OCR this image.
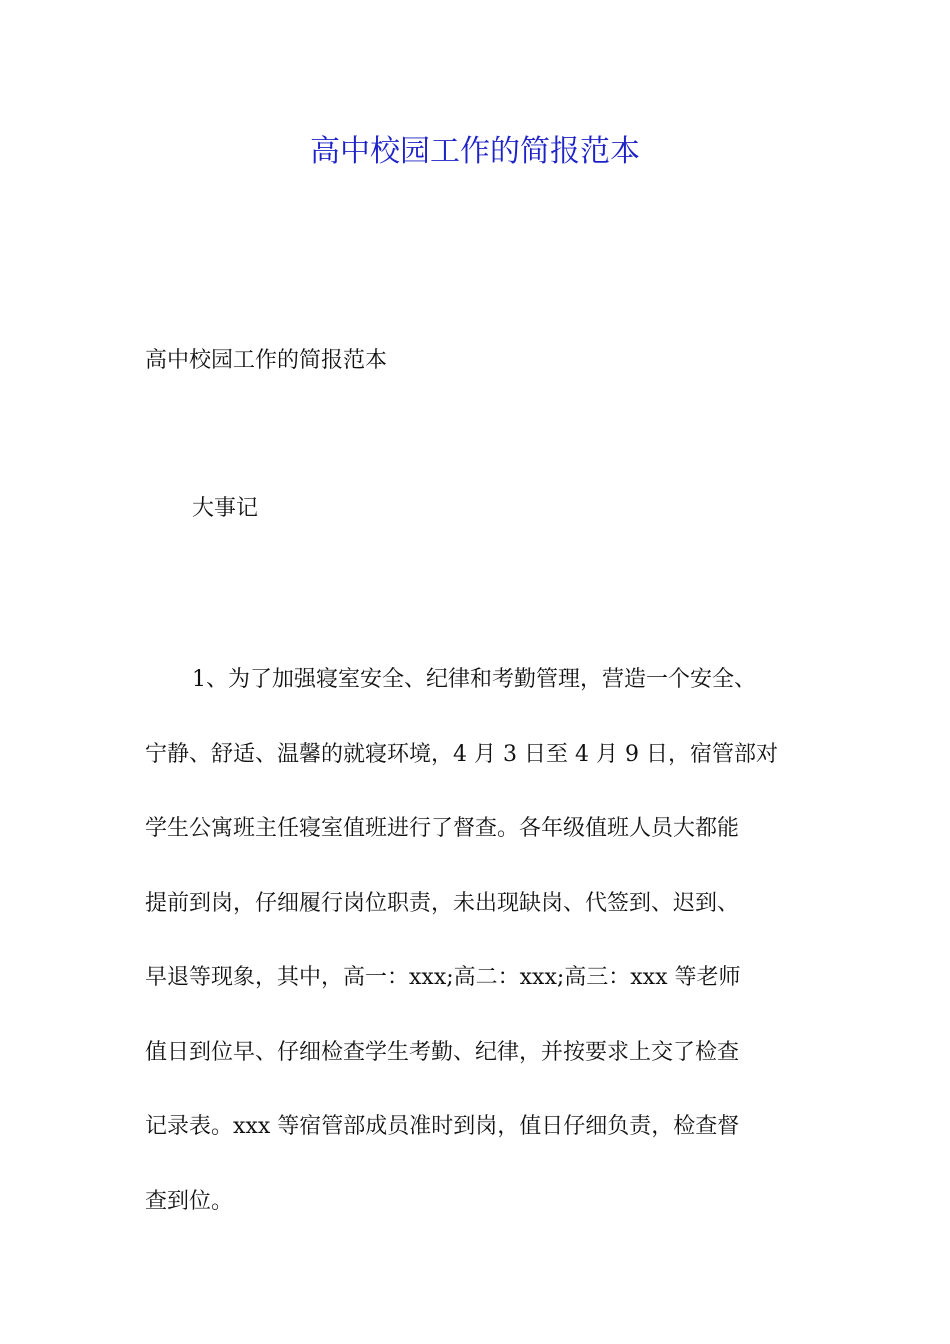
高中校园工作的简报范本

高中校园工作的简报范本

大事记

1、为了加强寝室安全、纪律和考勤管理，营造一个安全、
宁静、舒适、温馨的就寝环境，4 月 3 日至 4 月 9 日，宿管部对
学生公寓班主任寝室值班进行了督查。各年级值班人员大都能
提前到岗，仔细履行岗位职责，未出现缺岗、代签到、迟到、
早退等现象，其中，高一：xxx;高二：xxx;高三：xxx 等老师
值日到位早、仔细检查学生考勤、纪律，并按要求上交了检查
记录表。xxx 等宿管部成员准时到岗，值日仔细负责，检查督
查到位。
